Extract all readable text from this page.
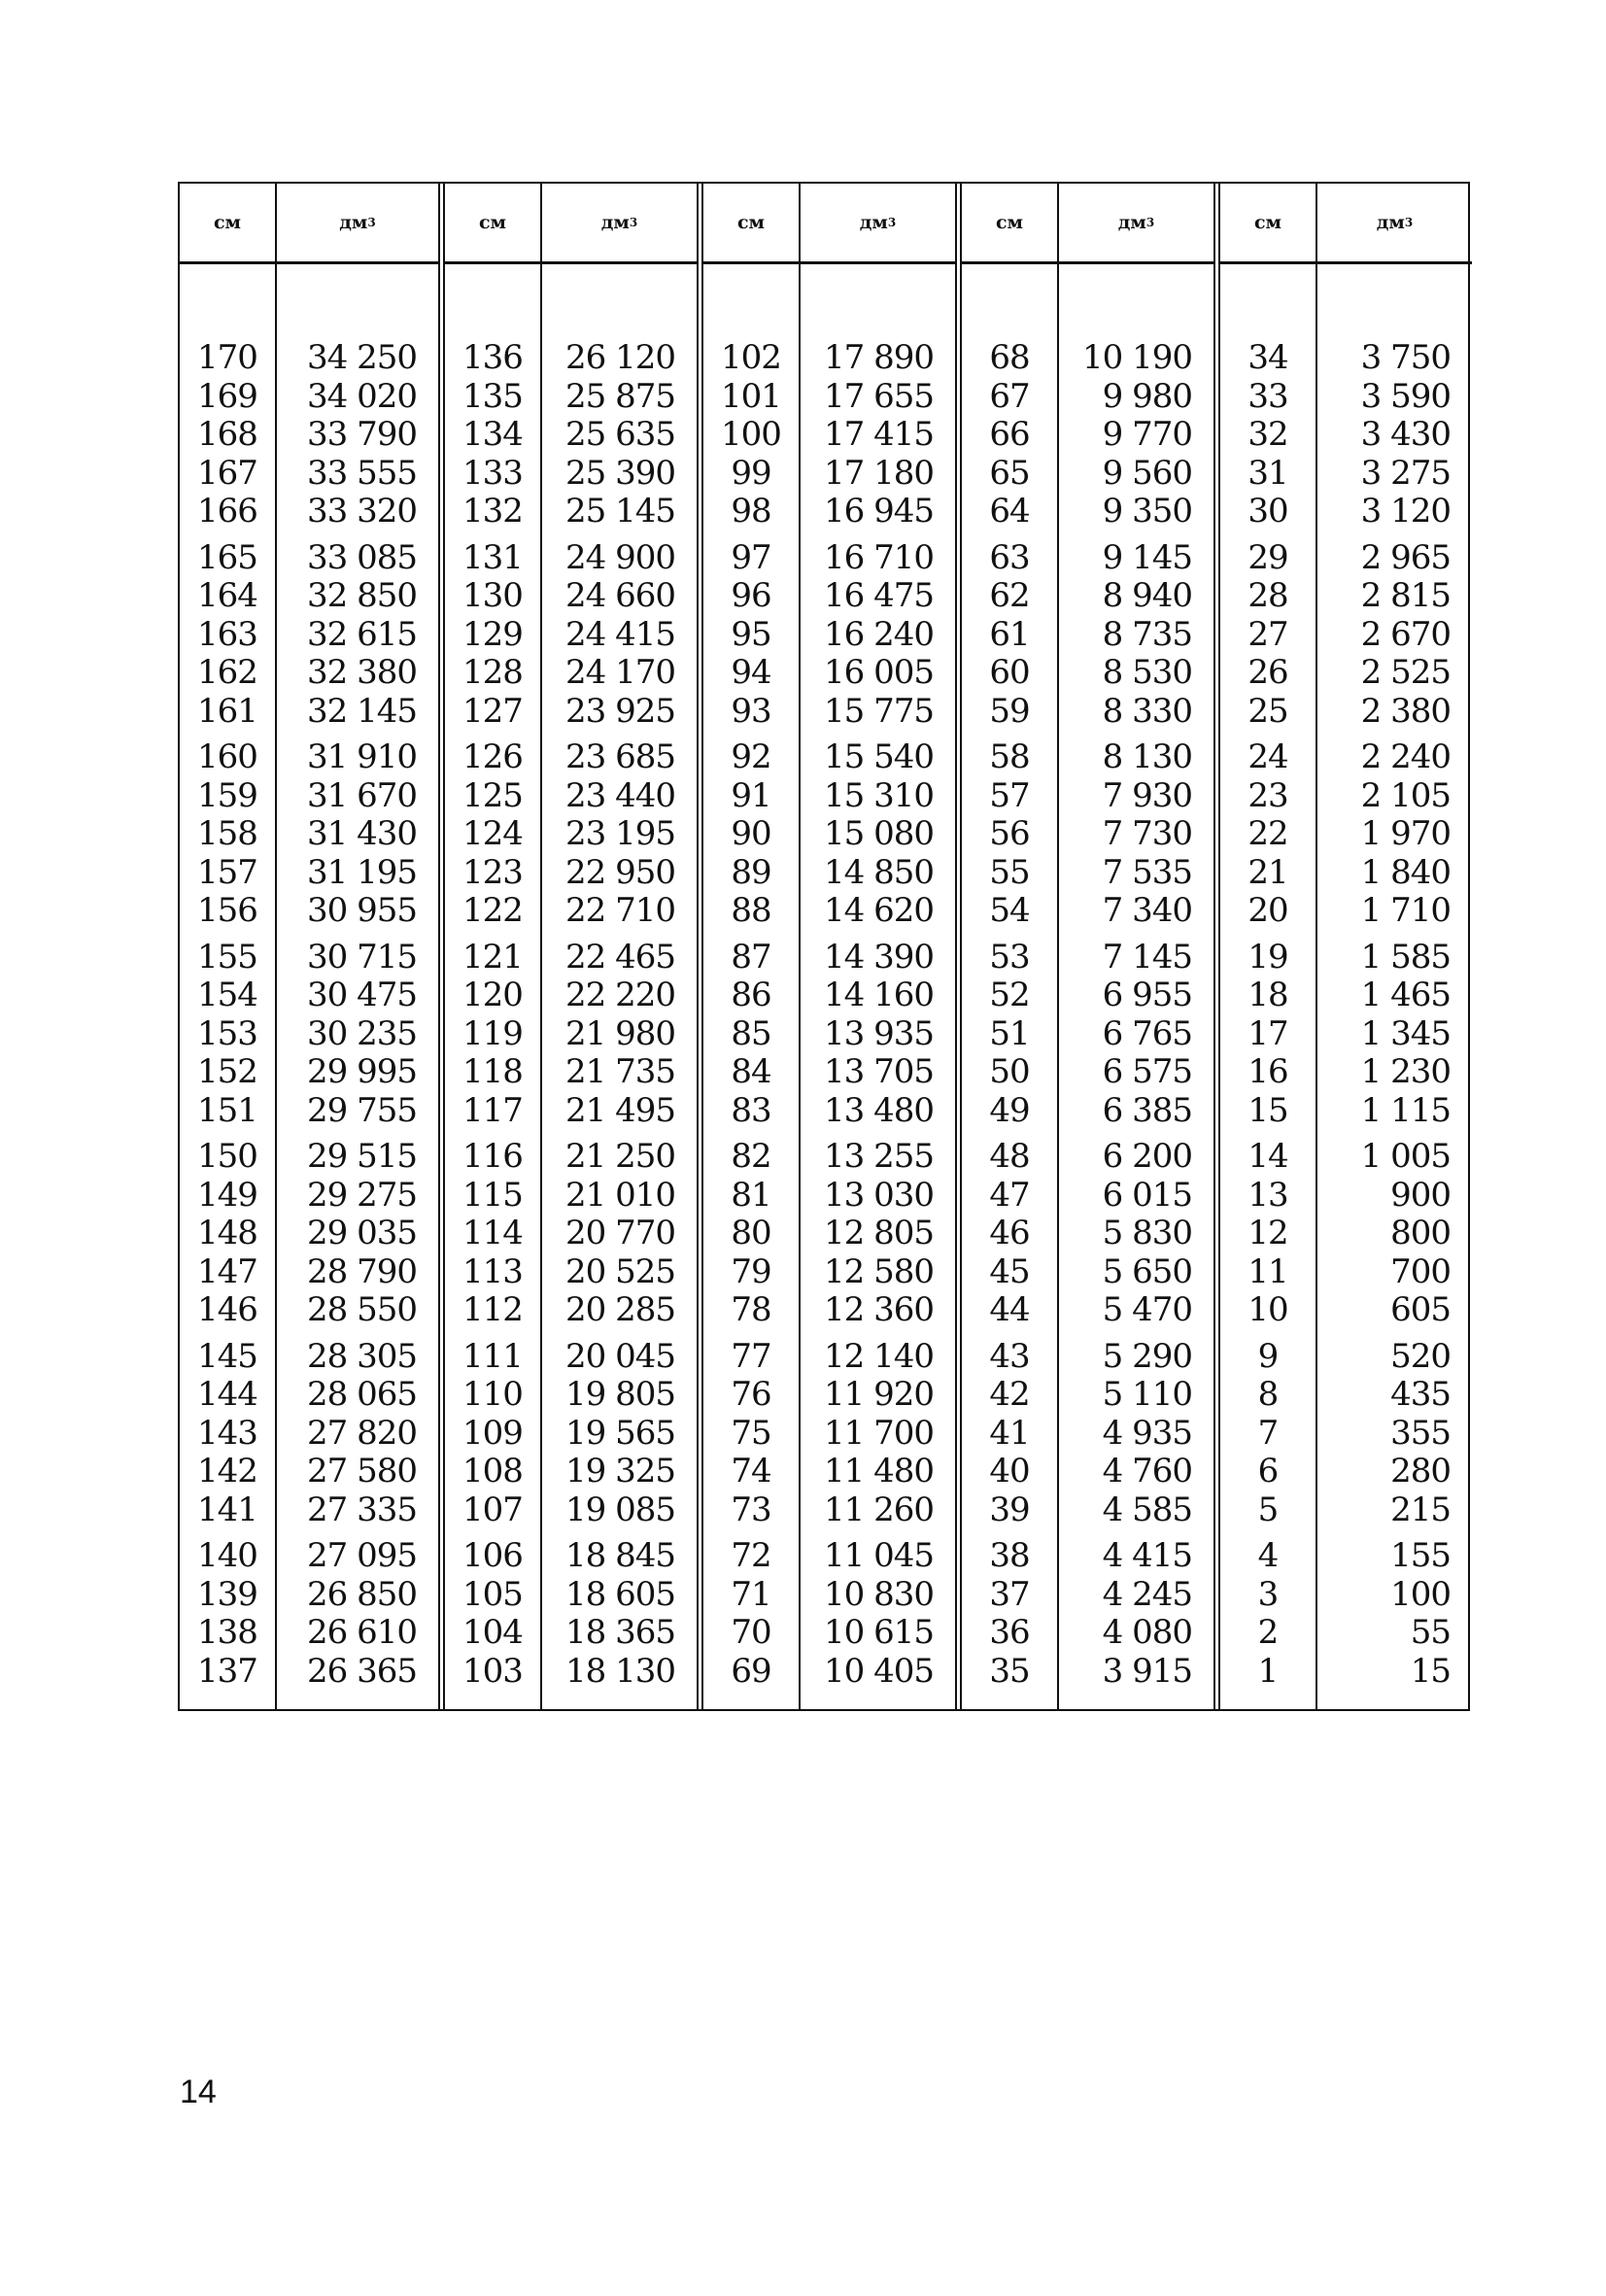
см
170
169
168
167
166
165
164
163
162
161
160
159
158
157
156
155
154
153
152
151
150
149
148
147
146
145
144
143
142
141
140
139
138
137
дм 3
34 250
34 020
33 790
33 555
33 320
33 085
32 850
32 615
32 380
32 145
31 910
31 670
31 430
31 195
30 955
30 715
30 475
30 235
29 995
29 755
29 515
29 275
29 035
28 790
28 550
28 305
28 065
27 820
27 580
27 335
27 095
26 850
26 610
26 365
см
136
135
134
133
132
131
130
129
128
127
126
125
124
123
122
121
120
119
118
117
116
115
114
113
112
111
110
109
108
107
106
105
104
103
дм 3
26 120
25 875
25 635
25 390
25 145
24 900
24 660
24 415
24 170
23 925
23 685
23 440
23 195
22 950
22 710
22 465
22 220
21 980
21 735
21 495
21 250
21 010
20 770
20 525
20 285
20 045
19 805
19 565
19 325
19 085
18 845
18 605
18 365
18 130
см
102
101
100
99
98
97
96
95
94
93
92
91
90
89
88
87
86
85
84
83
82
81
80
79
78
77
76
75
74
73
72
71
70
69
дм 3
17 890
17 655
17 415
17 180
16 945
16 710
16 475
16 240
16 005
15 775
15 540
15 310
15 080
14 850
14 620
14 390
14 160
13 935
13 705
13 480
13 255
13 030
12 805
12 580
12 360
12 140
11 920
11 700
11 480
11 260
11 045
10 830
10 615
10 405
см
68
67
66
65
64
63
62
61
60
59
58
57
56
55
54
53
52
51
50
49
48
47
46
45
44
43
42
41
40
39
38
37
36
35
дм 3
10 190
9 980
9 770
9 560
9 350
9 145
8 940
8 735
8 530
8 330
8 130
7 930
7 730
7 535
7 340
7 145
6 955
6 765
6 575
6 385
6 200
6 015
5 830
5 650
5 470
5 290
5 110
4 935
4 760
4 585
4 415
4 245
4 080
3 915
см
34
33
32
31
30
29
28
27
26
25
24
23
22
21
20
19
18
17
16
15
14
13
12
11
10
9
8
7
6
5
4
3
2
1
дм 3
3 750
3 590
3 430
3 275
3 120
2 965
2 815
2 670
2 525
2 380
2 240
2 105
1 970
1 840
1 710
1 585
1 465
1 345
1 230
1 115
1 005
900
800
700
605
520
435
355
280
215
155
100
55
15
14
